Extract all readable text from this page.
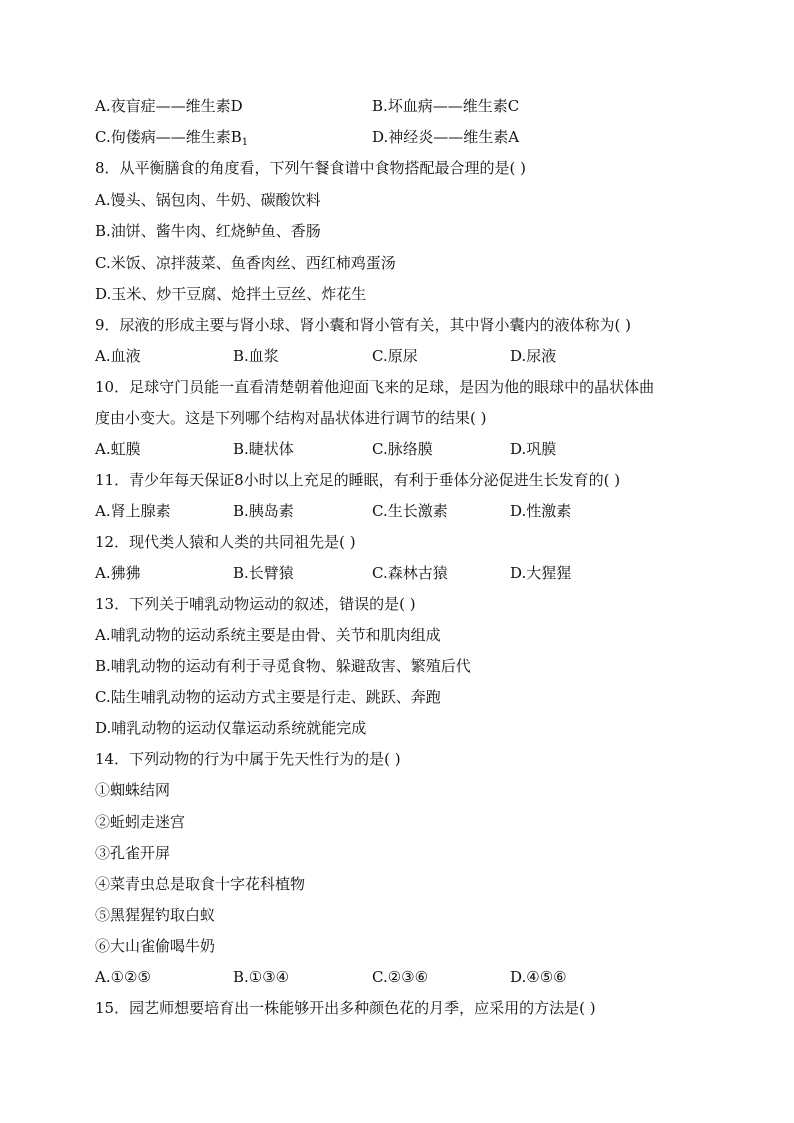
A.夜盲症——维生素D	B.坏血病——维生素C
C.佝偻病——维生素$B_1$	D.神经炎——维生素A
8．从平衡膳食的角度看，下列午餐食谱中食物搭配最合理的是( )
A.馒头、锅包肉、牛奶、碳酸饮料
B.油饼、酱牛肉、红烧鲈鱼、香肠
C.米饭、凉拌菠菜、鱼香肉丝、西红柿鸡蛋汤
D.玉米、炒干豆腐、炝拌土豆丝、炸花生
9．尿液的形成主要与肾小球、肾小囊和肾小管有关，其中肾小囊内的液体称为( )
A.血液	B.血浆	C.原尿	D.尿液
10．足球守门员能一直看清楚朝着他迎面飞来的足球，是因为他的眼球中的晶状体曲
度由小变大。这是下列哪个结构对晶状体进行调节的结果( )
A.虹膜	B.睫状体	C.脉络膜	D.巩膜
11．青少年每天保证8小时以上充足的睡眠，有利于垂体分泌促进生长发育的( )
A.肾上腺素	B.胰岛素	C.生长激素	D.性激素
12．现代类人猿和人类的共同祖先是( )
A.狒狒	B.长臂猿	C.森林古猿	D.大猩猩
13．下列关于哺乳动物运动的叙述，错误的是( )
A.哺乳动物的运动系统主要是由骨、关节和肌肉组成
B.哺乳动物的运动有利于寻觅食物、躲避敌害、繁殖后代
C.陆生哺乳动物的运动方式主要是行走、跳跃、奔跑
D.哺乳动物的运动仅靠运动系统就能完成
14．下列动物的行为中属于先天性行为的是( )
①蜘蛛结网
②蚯蚓走迷宫
③孔雀开屏
④菜青虫总是取食十字花科植物
⑤黑猩猩钓取白蚁
⑥大山雀偷喝牛奶
A.①②⑤	B.①③④	C.②③⑥	D.④⑤⑥
15．园艺师想要培育出一株能够开出多种颜色花的月季，应采用的方法是( )
